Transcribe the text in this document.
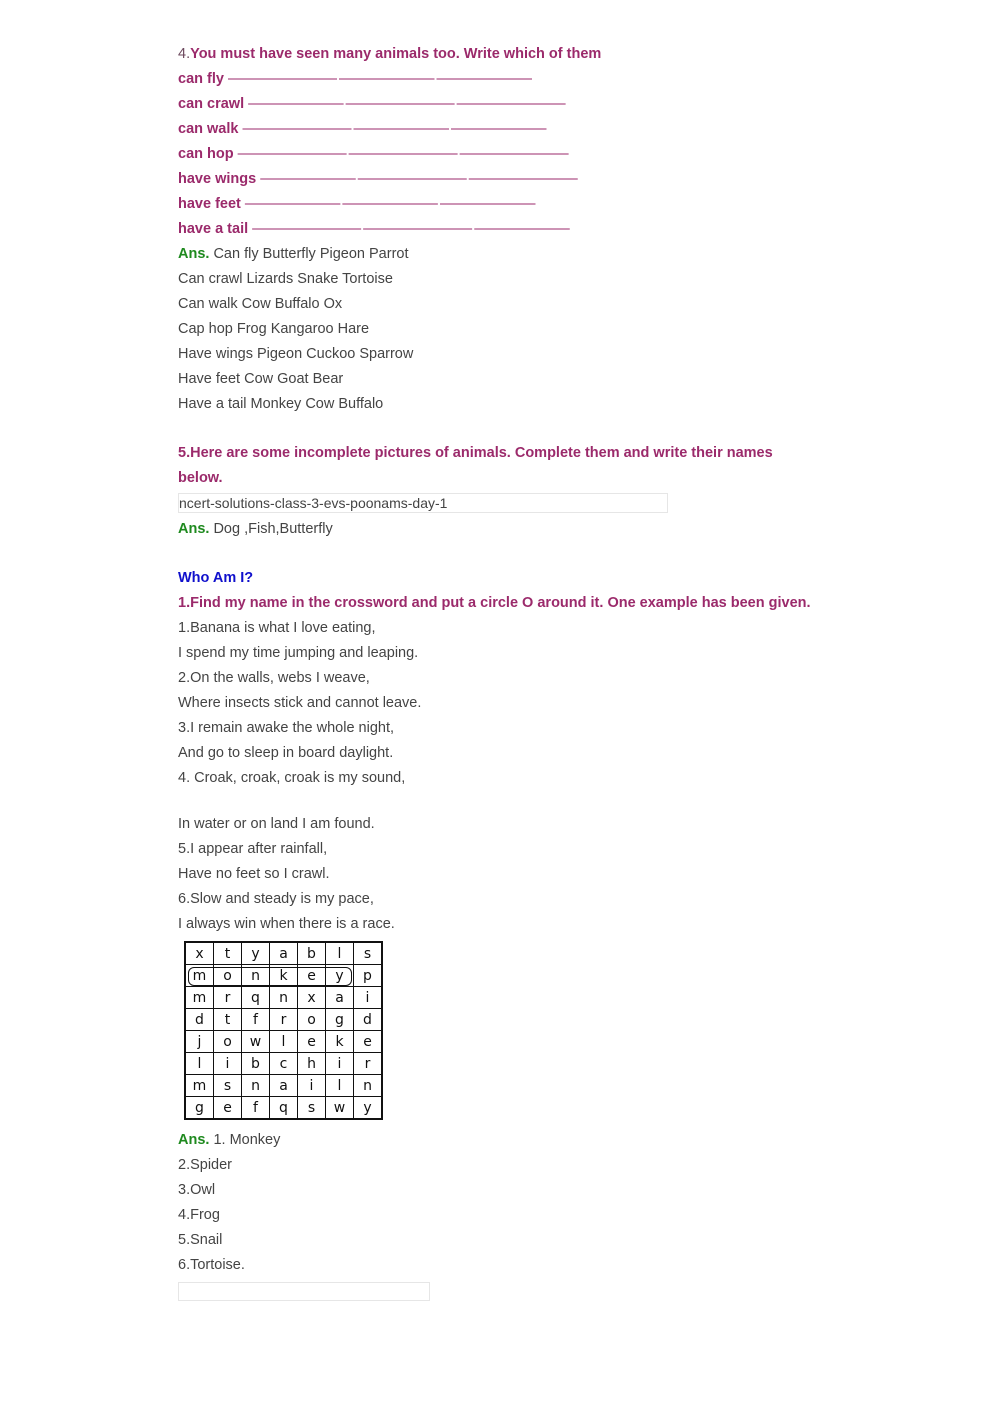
4.You must have seen many animals too. Write which of them
can fly ———————— ——————— ———————
can crawl ——————— ———————— ————————
can walk ———————— ——————— ———————
can hop ———————— ———————— ————————
have wings ——————— ———————— ————————
have feet ——————— ——————— ———————
have a tail ———————— ———————— ———————
Ans. Can fly Butterfly Pigeon Parrot
Can crawl Lizards Snake Tortoise
Can walk Cow Buffalo Ox
Cap hop Frog Kangaroo Hare
Have wings Pigeon Cuckoo Sparrow
Have feet Cow Goat Bear
Have a tail Monkey Cow Buffalo
5.Here are some incomplete pictures of animals. Complete them and write their names
below.
ncert-solutions-class-3-evs-poonams-day-1
Ans. Dog ,Fish,Butterfly
Who Am I?
1.Find my name in the crossword and put a circle O around it. One example has been given.
1.Banana is what I love eating,
I spend my time jumping and leaping.
2.On the walls, webs I weave,
Where insects stick and cannot leave.
3.I remain awake the whole night,
And go to sleep in board daylight.
4. Croak, croak, croak is my sound,
In water or on land I am found.
5.I appear after rainfall,
Have no feet so I crawl.
6.Slow and steady is my pace,
I always win when there is a race.
x	t	y	a	b	l	s
m	o	n	k	e	y	p
m	r	q	n	x	a	i
d	t	f	r	o	g	d
j	o	w	l	e	k	e
l	i	b	c	h	i	r
m	s	n	a	i	l	n
g	e	f	q	s	w	y
Ans. 1. Monkey
2.Spider
3.Owl
4.Frog
5.Snail
6.Tortoise.
